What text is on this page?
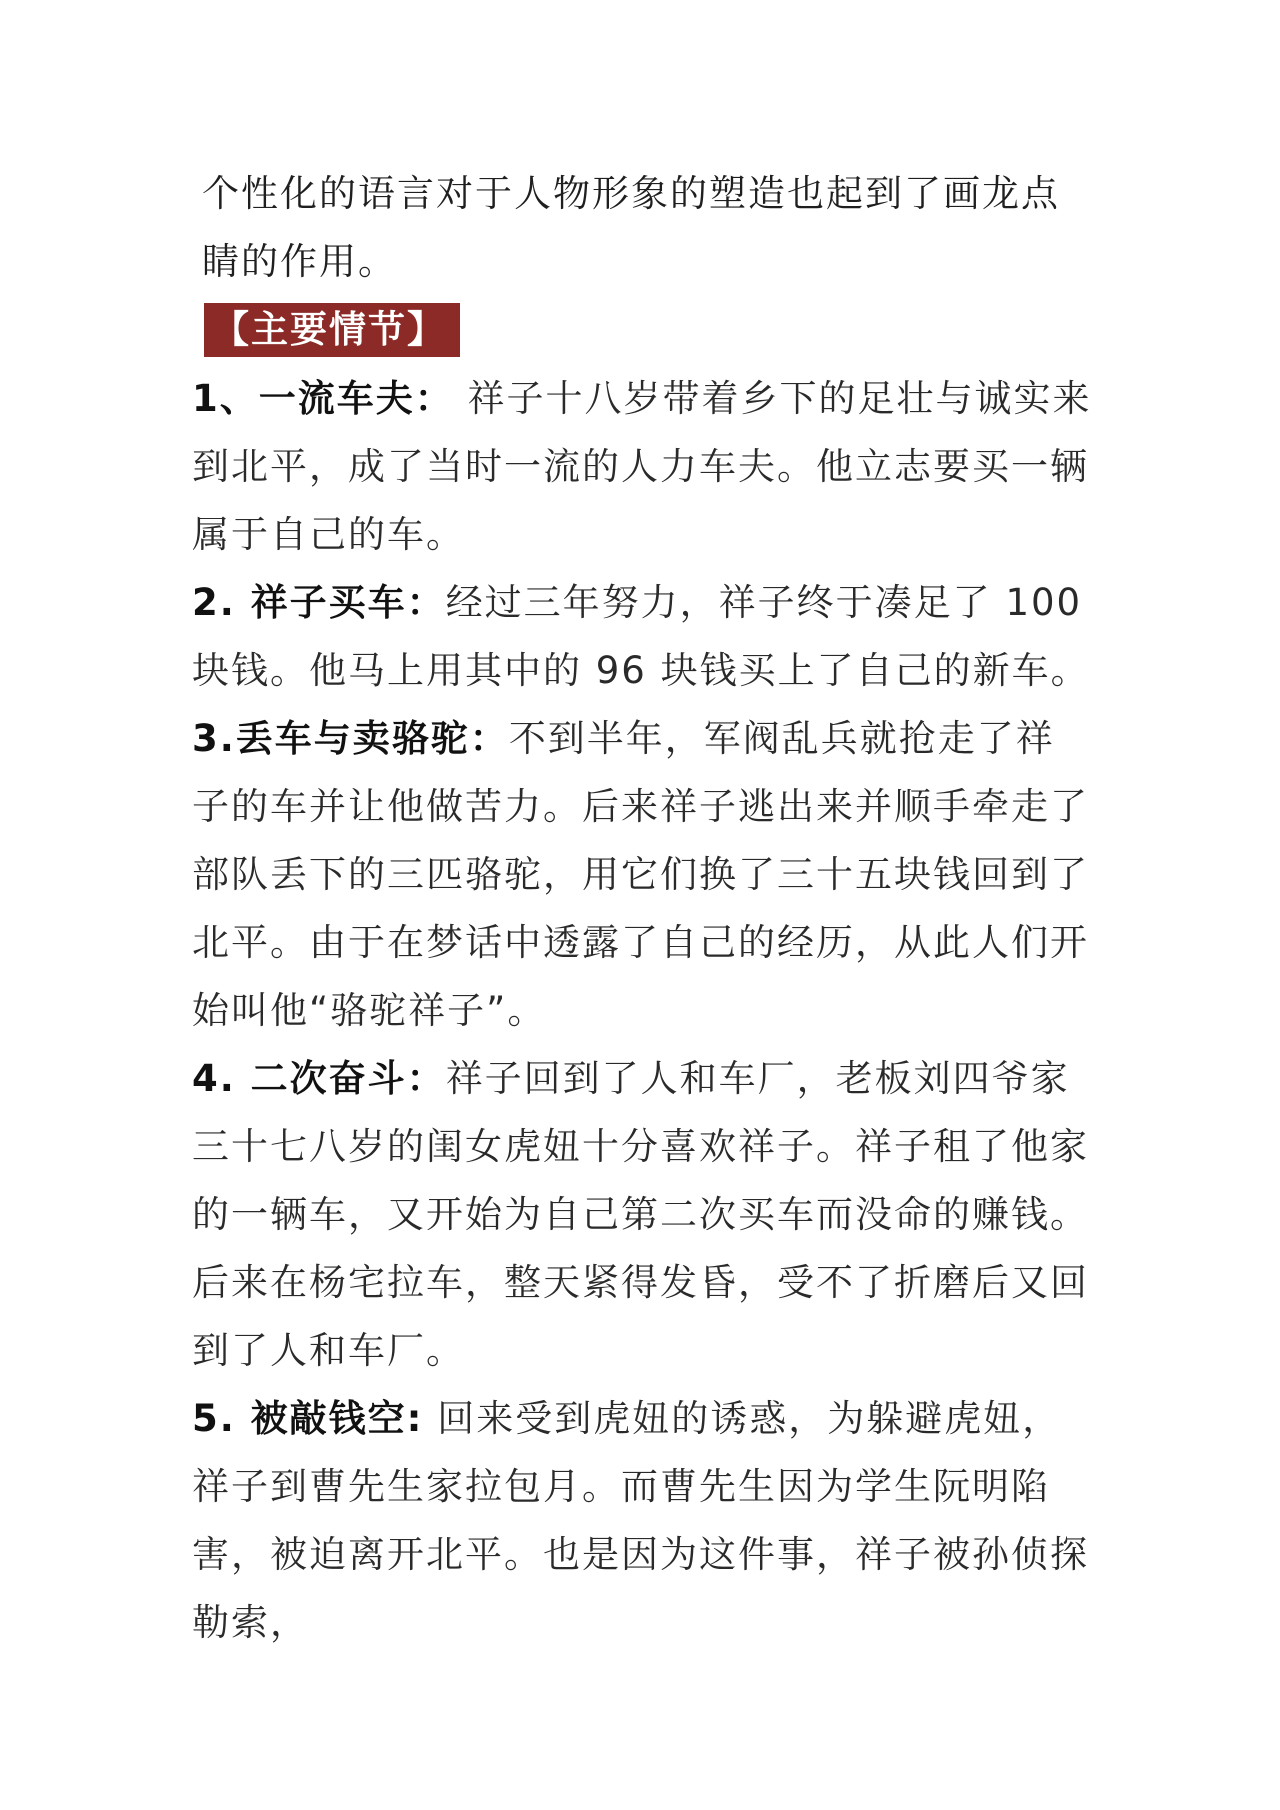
个性化的语言对于人物形象的塑造也起到了画龙点睛的作用。

【主要情节】
1、一流车夫： 祥子十八岁带着乡下的足壮与诚实来到北平，成了当时一流的人力车夫。他立志要买一辆属于自己的车。
2. 祥子买车：经过三年努力，祥子终于凑足了 100 块钱。他马上用其中的 96 块钱买上了自己的新车。
3.丢车与卖骆驼：不到半年，军阀乱兵就抢走了祥子的车并让他做苦力。后来祥子逃出来并顺手牵走了部队丢下的三匹骆驼，用它们换了三十五块钱回到了北平。由于在梦话中透露了自己的经历，从此人们开始叫他“骆驼祥子”。
4. 二次奋斗：祥子回到了人和车厂，老板刘四爷家三十七八岁的闺女虎妞十分喜欢祥子。祥子租了他家的一辆车，又开始为自己第二次买车而没命的赚钱。后来在杨宅拉车，整天紧得发昏，受不了折磨后又回到了人和车厂。
5. 被敲钱空: 回来受到虎妞的诱惑，为躲避虎妞，祥子到曹先生家拉包月。而曹先生因为学生阮明陷害，被迫离开北平。也是因为这件事，祥子被孙侦探勒索，
